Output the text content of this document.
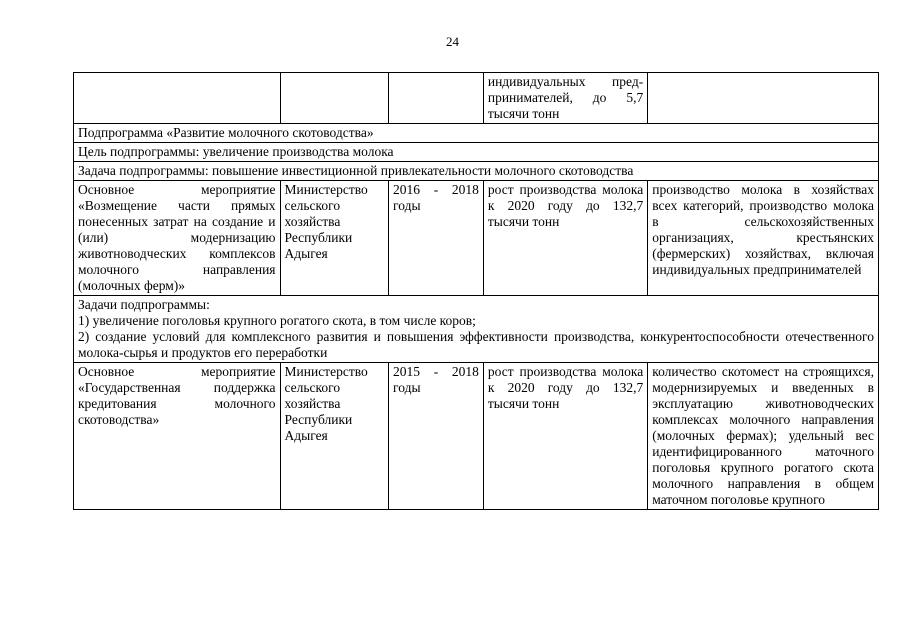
24

			индивидуальных пред-
принимателей, до 5,7
тысячи тонн	

Подпрограмма «Развитие молочного скотоводства»				
Цель подпрограммы: увеличение производства молока				
Задача подпрограммы: повышение инвестиционной привлекательности молочного скотоводства				
Основное мероприятие «Возмещение части прямых понесенных затрат на создание и (или) модернизацию животноводческих комплексов молочного направления (молочных ферм)»	Министерство сельского хозяйства Республики Адыгея	2016 - 2018 годы	рост производства молока к 2020 году до 132,7 тысячи тонн	производство молока в хозяйствах всех категорий, производство молока в сельскохозяйственных организациях, крестьянских (фермерских) хозяйствах, включая индивидуальных предпринимателей

Задачи подпрограммы:
1) увеличение поголовья крупного рогатого скота, в том числе коров;
2) создание условий для комплексного развития и повышения эффективности производства, конкурентоспособности отечественного молока-сырья и продуктов его переработки				

Основное мероприятие «Государственная поддержка кредитования молочного скотоводства»	Министерство сельского хозяйства Республики Адыгея	2015 - 2018 годы	рост производства молока к 2020 году до 132,7 тысячи тонн	количество скотомест на строящихся, модернизируемых и введенных в эксплуатацию животноводческих комплексах молочного направления (молочных фермах); удельный вес идентифицированного маточного поголовья крупного рогатого скота молочного направления в общем маточном поголовье крупного
